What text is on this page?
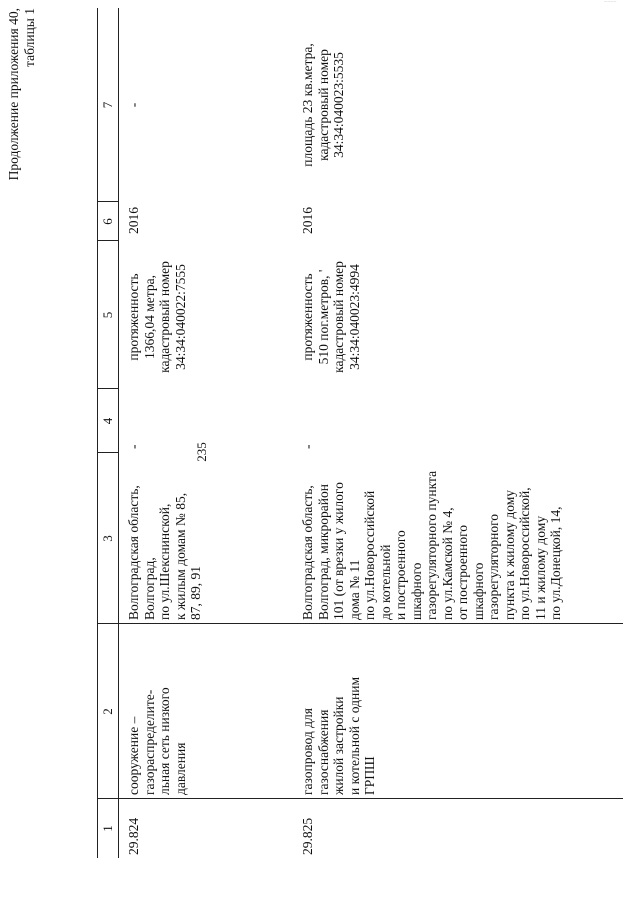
~~~~
235
Продолжение приложения 40, таблицы 1
1
2
3
4
5
6
7
29.824
сооружение – газораспределите- льная сеть низкого давления
Волгоградская область, Волгоград, по ул.Шекснинской, к жилым домам № 85, 87, 89, 91
-
протяженность 1366,04 метра, кадастровый номер 34:34:040022:7555
2016
-
29.825
газопровод для газоснабжения жилой застройки и котельной с одним ГРПШ
Волгоградская область, Волгоград, микрорайон 101 (от врезки у жилого дома № 11 по ул.Новороссийской до котельной и построенного шкафного газорегуляторного пункта по ул.Камской № 4, от построенного шкафного газорегуляторного пункта к жилому дому по ул.Новороссийской, 11 и жилому дому по ул.Донецкой, 14,
-
протяженность 510 пог.метров, ' кадастровый номер 34:34:040023:4994
2016
площадь 23 кв.метра, кадастровый номер 34:34:040023:5535
